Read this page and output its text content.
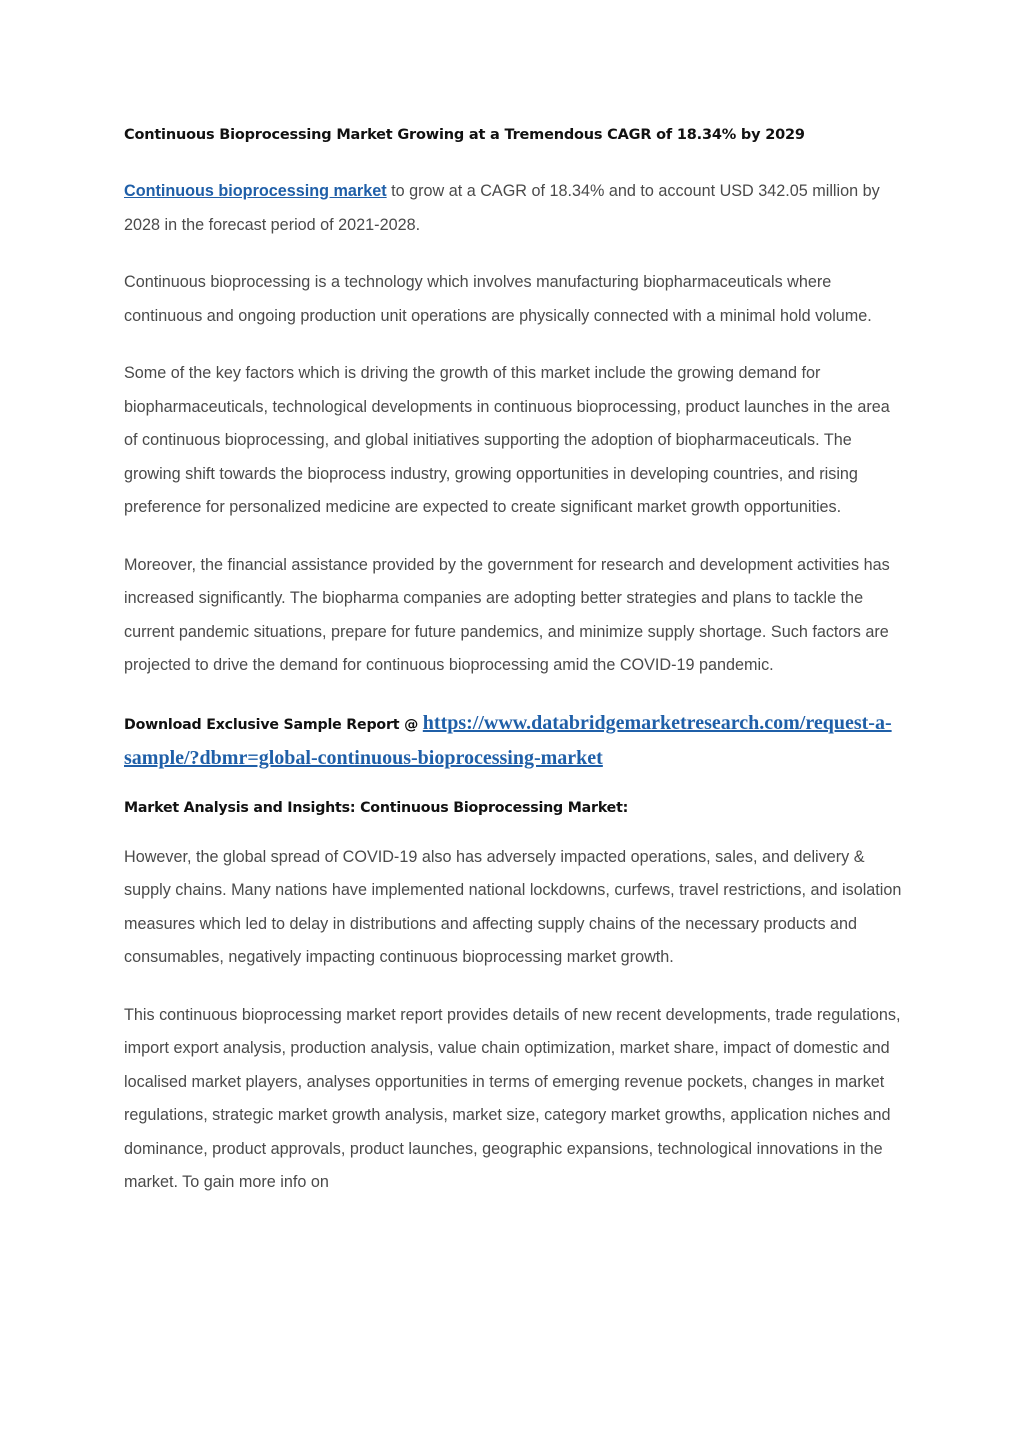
Continuous Bioprocessing Market Growing at a Tremendous CAGR of 18.34% by 2029

Continuous bioprocessing market to grow at a CAGR of 18.34% and to account USD 342.05 million by 2028 in the forecast period of 2021-2028.

Continuous bioprocessing is a technology which involves manufacturing biopharmaceuticals where continuous and ongoing production unit operations are physically connected with a minimal hold volume.

Some of the key factors which is driving the growth of this market include the growing demand for biopharmaceuticals, technological developments in continuous bioprocessing, product launches in the area of continuous bioprocessing, and global initiatives supporting the adoption of biopharmaceuticals. The growing shift towards the bioprocess industry, growing opportunities in developing countries, and rising preference for personalized medicine are expected to create significant market growth opportunities.

Moreover, the financial assistance provided by the government for research and development activities has increased significantly. The biopharma companies are adopting better strategies and plans to tackle the current pandemic situations, prepare for future pandemics, and minimize supply shortage. Such factors are projected to drive the demand for continuous bioprocessing amid the COVID-19 pandemic.

Download Exclusive Sample Report @ https://www.databridgemarketresearch.com/request-a-sample/?dbmr=global-continuous-bioprocessing-market

Market Analysis and Insights: Continuous Bioprocessing Market:

However, the global spread of COVID-19 also has adversely impacted operations, sales, and delivery & supply chains. Many nations have implemented national lockdowns, curfews, travel restrictions, and isolation measures which led to delay in distributions and affecting supply chains of the necessary products and consumables, negatively impacting continuous bioprocessing market growth.

This continuous bioprocessing market report provides details of new recent developments, trade regulations, import export analysis, production analysis, value chain optimization, market share, impact of domestic and localised market players, analyses opportunities in terms of emerging revenue pockets, changes in market regulations, strategic market growth analysis, market size, category market growths, application niches and dominance, product approvals, product launches, geographic expansions, technological innovations in the market. To gain more info on
